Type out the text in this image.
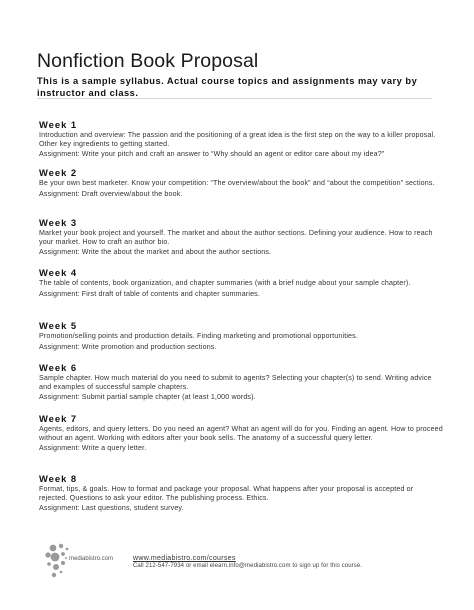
Nonfiction Book Proposal
This is a sample syllabus. Actual course topics and assignments may vary by instructor and class.
Week 1

Introduction and overview: The passion and the positioning of a great idea is the first step on the way to a killer proposal. Other key ingredients to getting started.

Assignment: Write your pitch and craft an answer to “Why should an agent or editor care about my idea?”

Week 2

Be your own best marketer. Know your competition: “The overview/about the book” and “about the competition” sections.

Assignment: Draft overview/about the book.

Week 3

Market your book project and yourself. The market and about the author sections. Defining your audience. How to reach your market. How to craft an author bio.

Assignment: Write the about the market and about the author sections.

Week 4

The table of contents, book organization, and chapter summaries (with a brief nudge about your sample chapter).

Assignment: First draft of table of contents and chapter summaries.

Week 5

Promotion/selling points and production details. Finding marketing and promotional opportunities.

Assignment: Write promotion and production sections.

Week 6

Sample chapter. How much material do you need to submit to agents? Selecting your chapter(s) to send. Writing advice and examples of successful sample chapters.

Assignment: Submit partial sample chapter (at least 1,000 words).

Week 7

Agents, editors, and query letters. Do you need an agent? What an agent will do for you. Finding an agent. How to proceed without an agent. Working with editors after your book sells. The anatomy of a successful query letter.

Assignment: Write a query letter.

Week 8

Format, tips, & goals. How to format and package your proposal. What happens after your proposal is accepted or rejected. Questions to ask your editor. The publishing process. Ethics.

Assignment: Last questions, student survey.

mediabistro.com	www.mediabistro.com/courses
Call 212-547-7934 or email elearn.info@mediabistro.com to sign up for this course.
